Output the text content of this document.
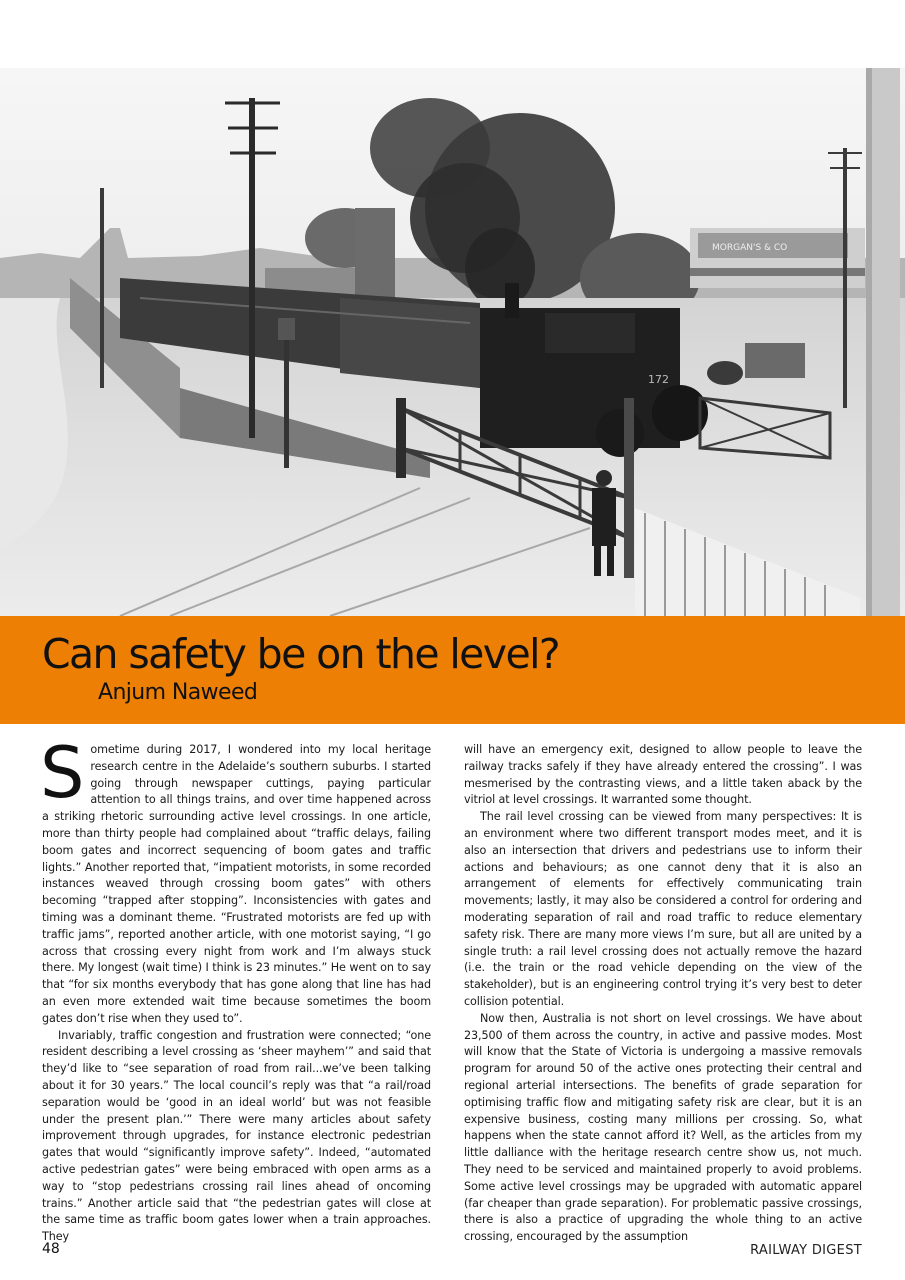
MORGAN'S & CO
172
Can safety be on the level?
Anjum Naweed

Sometime during 2017, I wondered into my local heritage research centre in the Adelaide’s southern suburbs. I started going through newspaper cuttings, paying particular attention to all things trains, and over time happened across a striking rhetoric surrounding active level crossings. In one article, more than thirty people had complained about “traffic delays, failing boom gates and incorrect sequencing of boom gates and traffic lights.” Another reported that, “impatient motorists, in some recorded instances weaved through crossing boom gates” with others becoming “trapped after stopping”. Inconsistencies with gates and timing was a dominant theme. “Frustrated motorists are fed up with traffic jams”, reported another article, with one motorist saying, “I go across that crossing every night from work and I’m always stuck there. My longest (wait time) I think is 23 minutes.” He went on to say that “for six months everybody that has gone along that line has had an even more extended wait time because sometimes the boom gates don’t rise when they used to”.

Invariably, traffic congestion and frustration were connected; “one resident describing a level crossing as ‘sheer mayhem’” and said that they’d like to “see separation of road from rail...we’ve been talking about it for 30 years.” The local council’s reply was that “a rail/road separation would be ‘good in an ideal world’ but was not feasible under the present plan.’” There were many articles about safety improvement through upgrades, for instance electronic pedestrian gates that would “significantly improve safety”. Indeed, “automated active pedestrian gates” were being embraced with open arms as a way to “stop pedestrians crossing rail lines ahead of oncoming trains.” Another article said that “the pedestrian gates will close at the same time as traffic boom gates lower when a train approaches. They

will have an emergency exit, designed to allow people to leave the railway tracks safely if they have already entered the crossing”. I was mesmerised by the contrasting views, and a little taken aback by the vitriol at level crossings. It warranted some thought.

The rail level crossing can be viewed from many perspectives: It is an environment where two different transport modes meet, and it is also an intersection that drivers and pedestrians use to inform their actions and behaviours; as one cannot deny that it is also an arrangement of elements for effectively communicating train movements; lastly, it may also be considered a control for ordering and moderating separation of rail and road traffic to reduce elementary safety risk. There are many more views I’m sure, but all are united by a single truth: a rail level crossing does not actually remove the hazard (i.e. the train or the road vehicle depending on the view of the stakeholder), but is an engineering control trying it’s very best to deter collision potential.

Now then, Australia is not short on level crossings. We have about 23,500 of them across the country, in active and passive modes. Most will know that the State of Victoria is undergoing a massive removals program for around 50 of the active ones protecting their central and regional arterial intersections. The benefits of grade separation for optimising traffic flow and mitigating safety risk are clear, but it is an expensive business, costing many millions per crossing. So, what happens when the state cannot afford it? Well, as the articles from my little dalliance with the heritage research centre show us, not much. They need to be serviced and maintained properly to avoid problems. Some active level crossings may be upgraded with automatic apparel (far cheaper than grade separation). For problematic passive crossings, there is also a practice of upgrading the whole thing to an active crossing, encouraged by the assumption

48	RAILWAY DIGEST
